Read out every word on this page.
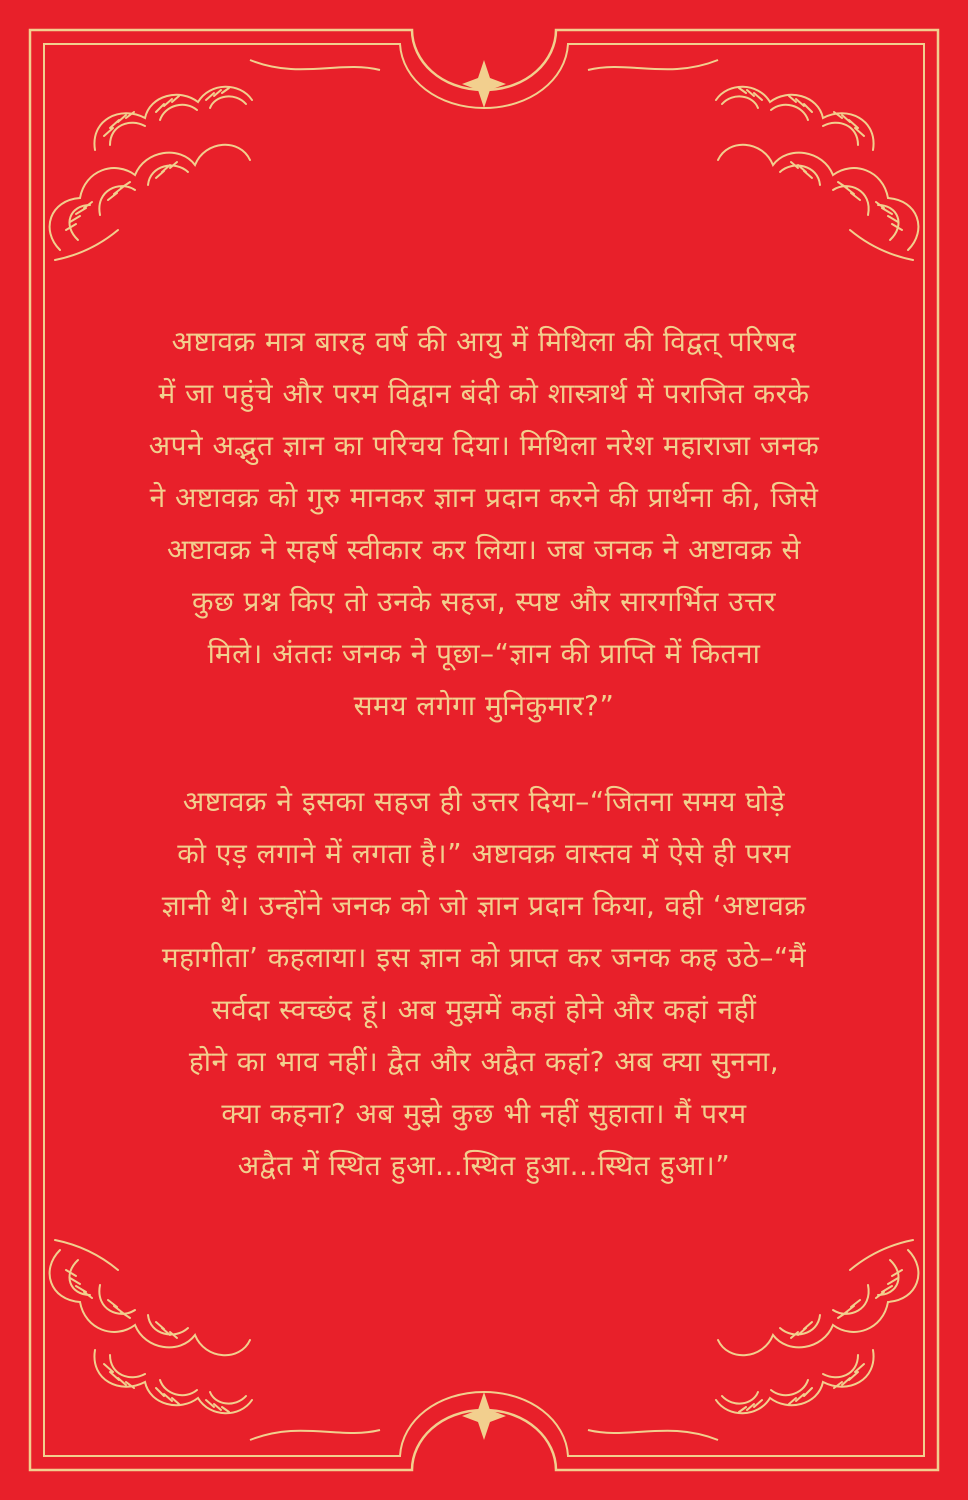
अष्टावक्र मात्र बारह वर्ष की आयु में मिथिला की विद्वत् परिषद
में जा पहुंचे और परम विद्वान बंदी को शास्त्रार्थ में पराजित करके
अपने अद्भुत ज्ञान का परिचय दिया। मिथिला नरेश महाराजा जनक
ने अष्टावक्र को गुरु मानकर ज्ञान प्रदान करने की प्रार्थना की, जिसे
अष्टावक्र ने सहर्ष स्वीकार कर लिया। जब जनक ने अष्टावक्र से
कुछ प्रश्न किए तो उनके सहज, स्पष्ट और सारगर्भित उत्तर
मिले। अंततः जनक ने पूछा–“ज्ञान की प्राप्ति में कितना
समय लगेगा मुनिकुमार?”
अष्टावक्र ने इसका सहज ही उत्तर दिया–“जितना समय घोड़े
को एड़ लगाने में लगता है।” अष्टावक्र वास्तव में ऐसे ही परम
ज्ञानी थे। उन्होंने जनक को जो ज्ञान प्रदान किया, वही ‘अष्टावक्र
महागीता’ कहलाया। इस ज्ञान को प्राप्त कर जनक कह उठे–“मैं
सर्वदा स्वच्छंद हूं। अब मुझमें कहां होने और कहां नहीं
होने का भाव नहीं। द्वैत और अद्वैत कहां? अब क्या सुनना,
क्या कहना? अब मुझे कुछ भी नहीं सुहाता। मैं परम
अद्वैत में स्थित हुआ...स्थित हुआ...स्थित हुआ।”
